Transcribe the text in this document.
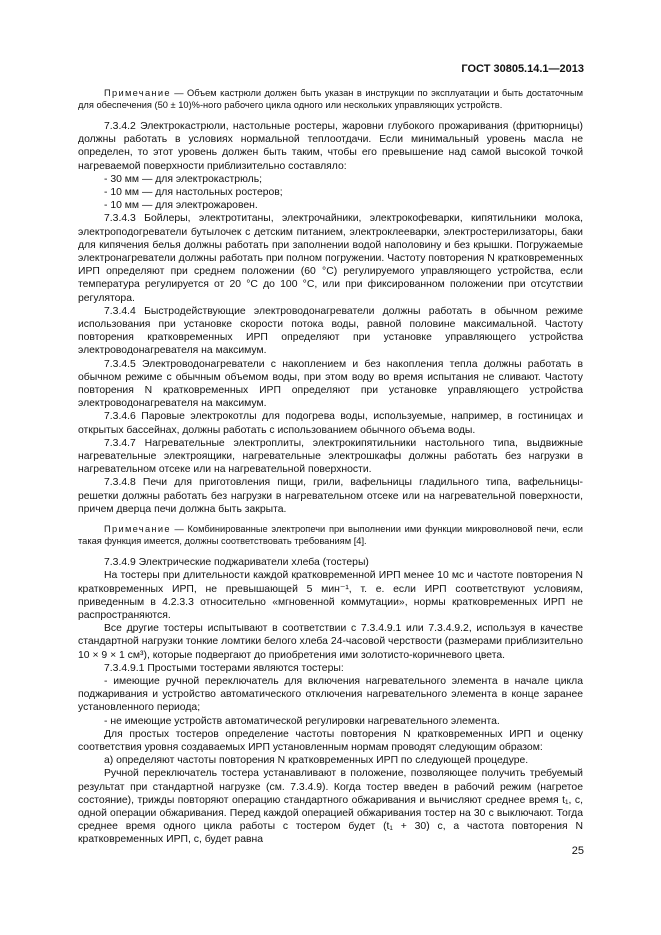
ГОСТ 30805.14.1—2013

Примечание — Объем кастрюли должен быть указан в инструкции по эксплуатации и быть достаточным для обеспечения (50 ± 10)%-ного рабочего цикла одного или нескольких управляющих устройств.

7.3.4.2 Электрокастрюли, настольные ростеры, жаровни глубокого прожаривания (фритюрницы) должны работать в условиях нормальной теплоотдачи. Если минимальный уровень масла не определен, то этот уровень должен быть таким, чтобы его превышение над самой высокой точкой нагреваемой поверхности приблизительно составляло:

- 30 мм — для электрокастрюль;

- 10 мм — для настольных ростеров;

- 10 мм — для электрожаровен.

7.3.4.3 Бойлеры, электротитаны, электрочайники, электрокофеварки, кипятильники молока, электроподогреватели бутылочек с детским питанием, электроклееварки, электростерилизаторы, баки для кипячения белья должны работать при заполнении водой наполовину и без крышки. Погружаемые электронагреватели должны работать при полном погружении. Частоту повторения N кратковременных ИРП определяют при среднем положении (60 °C) регулируемого управляющего устройства, если температура регулируется от 20 °C до 100 °C, или при фиксированном положении при отсутствии регулятора.

7.3.4.4 Быстродействующие электроводонагреватели должны работать в обычном режиме использования при установке скорости потока воды, равной половине максимальной. Частоту повторения кратковременных ИРП определяют при установке управляющего устройства электроводонагревателя на максимум.

7.3.4.5 Электроводонагреватели с накоплением и без накопления тепла должны работать в обычном режиме с обычным объемом воды, при этом воду во время испытания не сливают. Частоту повторения N кратковременных ИРП определяют при установке управляющего устройства электроводонагревателя на максимум.

7.3.4.6 Паровые электрокотлы для подогрева воды, используемые, например, в гостиницах и открытых бассейнах, должны работать с использованием обычного объема воды.

7.3.4.7 Нагревательные электроплиты, электрокипятильники настольного типа, выдвижные нагревательные электроящики, нагревательные электрошкафы должны работать без нагрузки в нагревательном отсеке или на нагревательной поверхности.

7.3.4.8 Печи для приготовления пищи, грили, вафельницы гладильного типа, вафельницы-решетки должны работать без нагрузки в нагревательном отсеке или на нагревательной поверхности, причем дверца печи должна быть закрыта.

Примечание — Комбинированные электропечи при выполнении ими функции микроволновой печи, если такая функция имеется, должны соответствовать требованиям [4].

7.3.4.9 Электрические поджариватели хлеба (тостеры)

На тостеры при длительности каждой кратковременной ИРП менее 10 мс и частоте повторения N кратковременных ИРП, не превышающей 5 мин⁻¹, т. е. если ИРП соответствуют условиям, приведенным в 4.2.3.3 относительно «мгновенной коммутации», нормы кратковременных ИРП не распространяются.

Все другие тостеры испытывают в соответствии с 7.3.4.9.1 или 7.3.4.9.2, используя в качестве стандартной нагрузки тонкие ломтики белого хлеба 24-часовой черствости (размерами приблизительно 10 × 9 × 1 см³), которые подвергают до приобретения ими золотисто-коричневого цвета.

7.3.4.9.1 Простыми тостерами являются тостеры:

- имеющие ручной переключатель для включения нагревательного элемента в начале цикла поджаривания и устройство автоматического отключения нагревательного элемента в конце заранее установленного периода;

- не имеющие устройств автоматической регулировки нагревательного элемента.

Для простых тостеров определение частоты повторения N кратковременных ИРП и оценку соответствия уровня создаваемых ИРП установленным нормам проводят следующим образом:

а) определяют частоты повторения N кратковременных ИРП по следующей процедуре.

Ручной переключатель тостера устанавливают в положение, позволяющее получить требуемый результат при стандартной нагрузке (см. 7.3.4.9). Когда тостер введен в рабочий режим (нагретое состояние), трижды повторяют операцию стандартного обжаривания и вычисляют среднее время t₁, с, одной операции обжаривания. Перед каждой операцией обжаривания тостер на 30 с выключают. Тогда среднее время одного цикла работы с тостером будет (t₁ + 30) с, а частота повторения N кратковременных ИРП, с, будет равна

25
